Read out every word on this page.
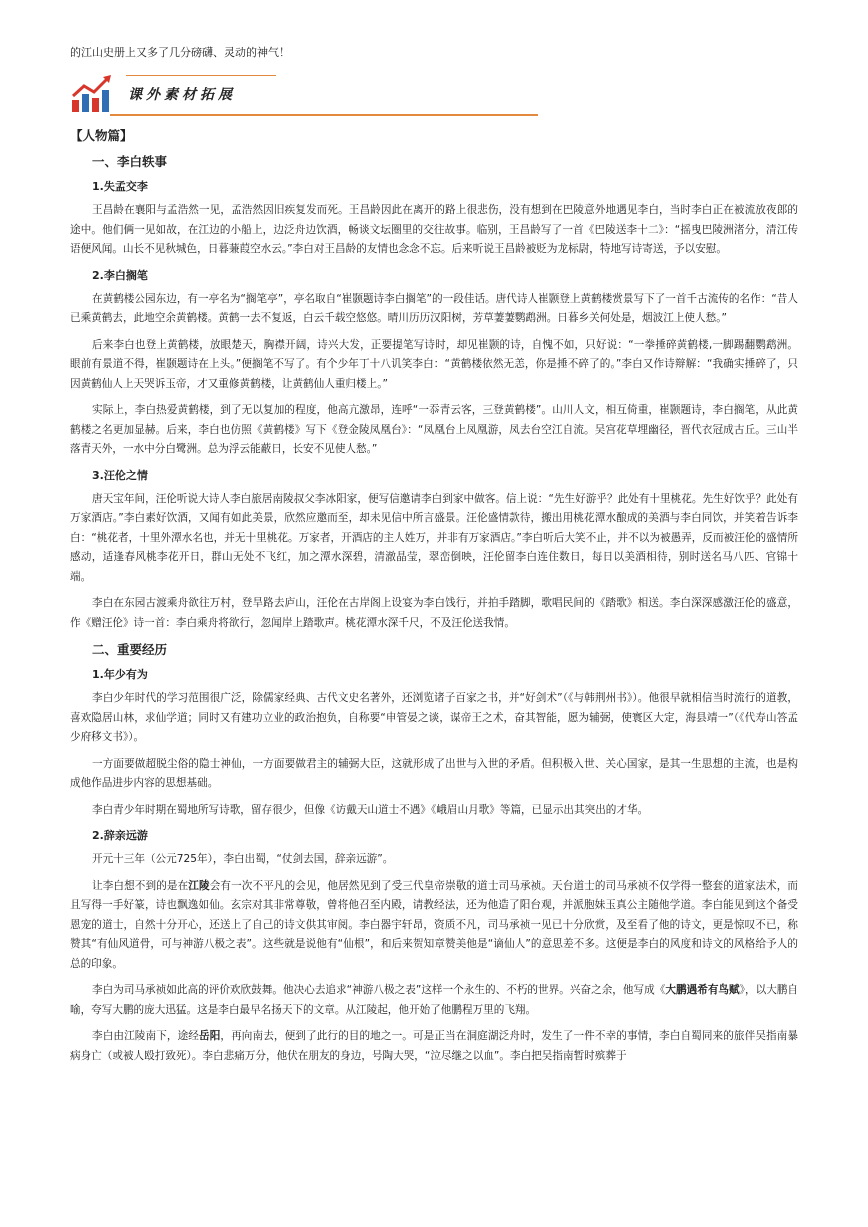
的江山史册上又多了几分磅礴、灵动的神气！
课外素材拓展
【人物篇】
一、李白轶事
1.失孟交李

王昌龄在襄阳与孟浩然一见，孟浩然因旧疾复发而死。王昌龄因此在离开的路上很悲伤，没有想到在巴陵意外地遇见李白，当时李白正在被流放夜郎的途中。他们俩一见如故，在江边的小船上，边泛舟边饮酒，畅谈文坛圈里的交往故事。临别，王昌龄写了一首《巴陵送李十二》：“摇曳巴陵洲渚分，清江传语便风闻。山长不见秋城色，日暮蒹葭空水云。”李白对王昌龄的友情也念念不忘。后来听说王昌龄被贬为龙标尉，特地写诗寄送，予以安慰。

2.李白搁笔

在黄鹤楼公园东边，有一亭名为“搁笔亭”，亭名取自“崔颢题诗李白搁笔”的一段佳话。唐代诗人崔颢登上黄鹤楼赏景写下了一首千古流传的名作：“昔人已乘黄鹤去，此地空余黄鹤楼。黄鹤一去不复返，白云千载空悠悠。晴川历历汉阳树，芳草萋萋鹦鹉洲。日暮乡关何处是，烟波江上使人愁。”

后来李白也登上黄鹤楼，放眼楚天，胸襟开阔，诗兴大发，正要提笔写诗时，却见崔颢的诗，自愧不如，只好说：“一拳捶碎黄鹤楼,一脚踢翻鹦鹉洲。眼前有景道不得，崔颢题诗在上头。”便搁笔不写了。有个少年丁十八讥笑李白：“黄鹤楼依然无恙，你是捶不碎了的。”李白又作诗辩解：“我确实捶碎了，只因黄鹤仙人上天哭诉玉帝，才又重修黄鹤楼，让黄鹤仙人重归楼上。”

实际上，李白热爱黄鹤楼，到了无以复加的程度，他高亢激昂，连呼“一忝青云客，三登黄鹤楼”。山川人文，相互倚重，崔颢题诗，李白搁笔，从此黄鹤楼之名更加显赫。后来，李白也仿照《黄鹤楼》写下《登金陵凤凰台》：“凤凰台上凤凰游，凤去台空江自流。吴宫花草埋幽径，晋代衣冠成古丘。三山半落青天外，一水中分白鹭洲。总为浮云能蔽日，长安不见使人愁。”

3.汪伦之情

唐天宝年间，汪伦听说大诗人李白旅居南陵叔父李冰阳家，便写信邀请李白到家中做客。信上说：“先生好游乎？此处有十里桃花。先生好饮乎？此处有万家酒店。”李白素好饮酒，又闻有如此美景，欣然应邀而至，却未见信中所言盛景。汪伦盛情款待，搬出用桃花潭水酿成的美酒与李白同饮，并笑着告诉李白：“桃花者，十里外潭水名也，并无十里桃花。万家者，开酒店的主人姓万，并非有万家酒店。”李白听后大笑不止，并不以为被愚弄，反而被汪伦的盛情所感动，适逢春风桃李花开日，群山无处不飞红，加之潭水深碧，清澈晶莹，翠峦倒映，汪伦留李白连住数日，每日以美酒相待，别时送名马八匹、官锦十端。

李白在东园古渡乘舟欲往万村，登旱路去庐山，汪伦在古岸阁上设宴为李白饯行，并拍手踏脚，歌唱民间的《踏歌》相送。李白深深感激汪伦的盛意，作《赠汪伦》诗一首：李白乘舟将欲行，忽闻岸上踏歌声。桃花潭水深千尺，不及汪伦送我情。

二、重要经历
1.年少有为

李白少年时代的学习范围很广泛，除儒家经典、古代文史名著外，还浏览诸子百家之书，并“好剑术”（《与韩荆州书》）。他很早就相信当时流行的道教，喜欢隐居山林，求仙学道；同时又有建功立业的政治抱负，自称要“申管晏之谈，谋帝王之术，奋其智能，愿为辅弼，使寰区大定，海县靖一”（《代寿山答孟少府移文书》）。

一方面要做超脱尘俗的隐士神仙，一方面要做君主的辅弼大臣，这就形成了出世与入世的矛盾。但积极入世、关心国家，是其一生思想的主流，也是构成他作品进步内容的思想基础。

李白青少年时期在蜀地所写诗歌，留存很少，但像《访戴天山道士不遇》《峨眉山月歌》等篇，已显示出其突出的才华。

2.辞亲远游

开元十三年（公元725年），李白出蜀，“仗剑去国，辞亲远游”。

让李白想不到的是在江陵会有一次不平凡的会见，他居然见到了受三代皇帝崇敬的道士司马承祯。天台道士的司马承祯不仅学得一整套的道家法术，而且写得一手好篆，诗也飘逸如仙。玄宗对其非常尊敬，曾将他召至内殿，请教经法，还为他造了阳台观，并派胞妹玉真公主随他学道。李白能见到这个备受恩宠的道士，自然十分开心，还送上了自己的诗文供其审阅。李白器宇轩昂，资质不凡，司马承祯一见已十分欣赏，及至看了他的诗文，更是惊叹不已，称赞其“有仙风道骨，可与神游八极之表”。这些就是说他有“仙根”，和后来贺知章赞美他是“谪仙人”的意思差不多。这便是李白的风度和诗文的风格给予人的总的印象。

李白为司马承祯如此高的评价欢欣鼓舞。他决心去追求“神游八极之表”这样一个永生的、不朽的世界。兴奋之余，他写成《大鹏遇希有鸟赋》，以大鹏自喻，夸写大鹏的庞大迅猛。这是李白最早名扬天下的文章。从江陵起，他开始了他鹏程万里的飞翔。

李白由江陵南下，途经岳阳，再向南去，便到了此行的目的地之一。可是正当在洞庭湖泛舟时，发生了一件不幸的事情，李白自蜀同来的旅伴吴指南暴病身亡（或被人殴打致死）。李白悲痛万分，他伏在朋友的身边，号陶大哭，“泣尽继之以血”。李白把吴指南暂时殡葬于
